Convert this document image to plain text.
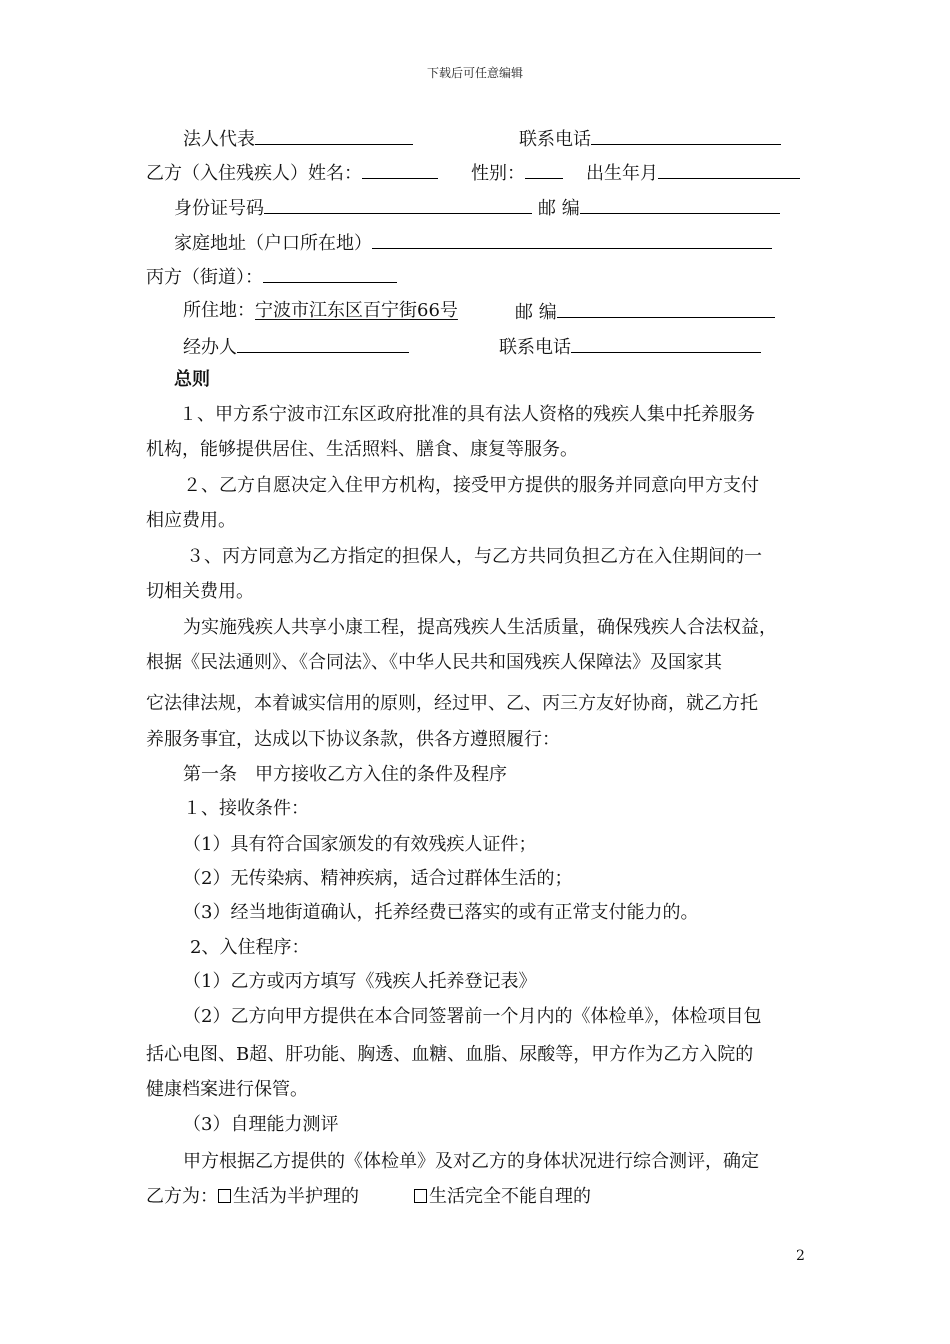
下载后可任意编辑
法人代表	联系电话
乙方（入住残疾人）姓名：	性别：	出生年月
身份证号码	邮 编
家庭地址（户口所在地）
丙方（街道）：
所住地：宁波市江东区百宁街66号	邮 编
经办人	联系电话
总则
１、甲方系宁波市江东区政府批准的具有法人资格的残疾人集中托养服务
机构，能够提供居住、生活照料、膳食、康复等服务。
２、乙方自愿决定入住甲方机构，接受甲方提供的服务并同意向甲方支付
相应费用。
３、丙方同意为乙方指定的担保人，与乙方共同负担乙方在入住期间的一
切相关费用。
为实施残疾人共享小康工程，提高残疾人生活质量，确保残疾人合法权益，
根据《民法通则》、《合同法》、《中华人民共和国残疾人保障法》及国家其
它法律法规，本着诚实信用的原则，经过甲、乙、丙三方友好协商，就乙方托
养服务事宜，达成以下协议条款，供各方遵照履行：
第一条　甲方接收乙方入住的条件及程序
１、接收条件：
（1）具有符合国家颁发的有效残疾人证件；
（2）无传染病、精神疾病，适合过群体生活的；
（3）经当地街道确认，托养经费已落实的或有正常支付能力的。
2、入住程序：
（1）乙方或丙方填写《残疾人托养登记表》
（2）乙方向甲方提供在本合同签署前一个月内的《体检单》，体检项目包
括心电图、B超、肝功能、胸透、血糖、血脂、尿酸等，甲方作为乙方入院的
健康档案进行保管。
（3）自理能力测评
甲方根据乙方提供的《体检单》及对乙方的身体状况进行综合测评，确定
乙方为： 生活为半护理的	生活完全不能自理的
2
